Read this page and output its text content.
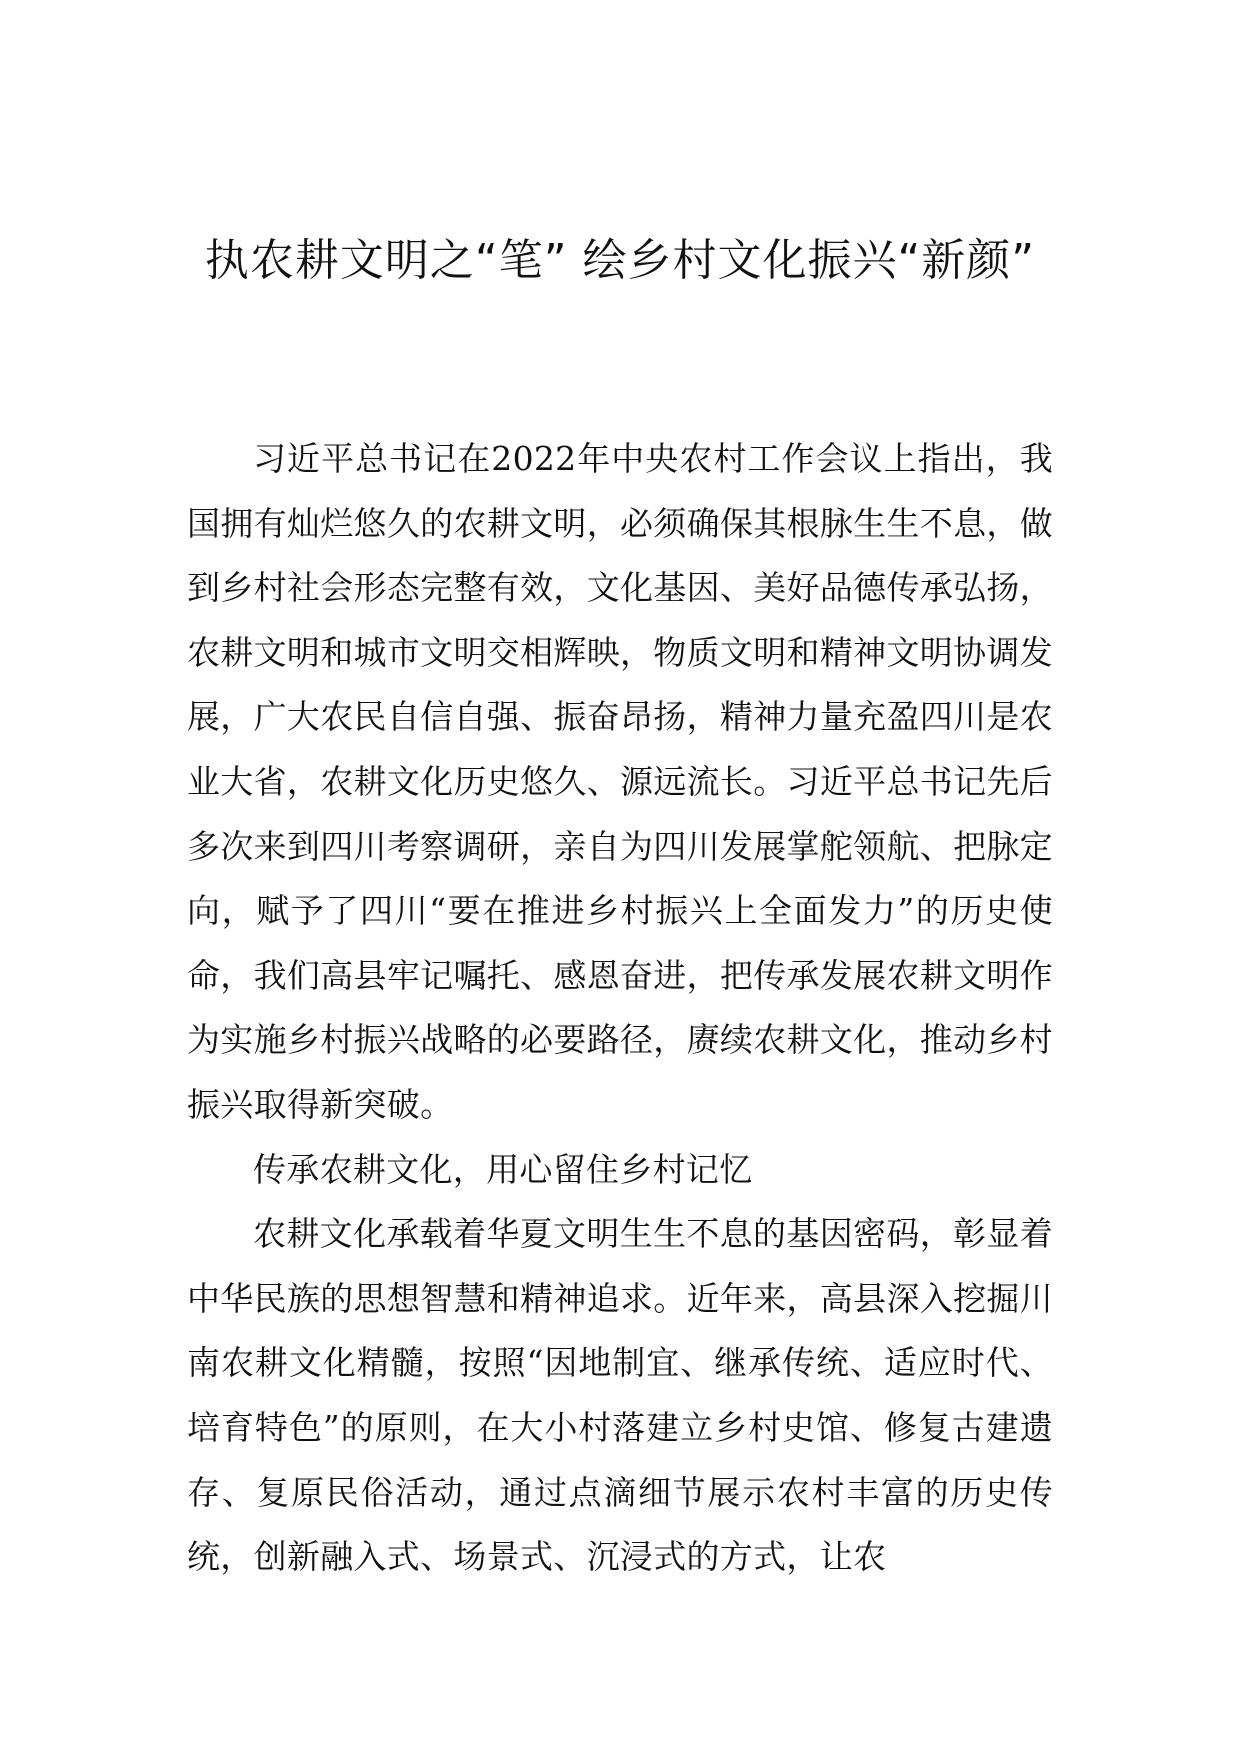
执农耕文明之“笔” 绘乡村文化振兴“新颜”

习近平总书记在2022年中央农村工作会议上指出，我国拥有灿烂悠久的农耕文明，必须确保其根脉生生不息，做到乡村社会形态完整有效，文化基因、美好品德传承弘扬，农耕文明和城市文明交相辉映，物质文明和精神文明协调发展，广大农民自信自强、振奋昂扬，精神力量充盈四川是农业大省，农耕文化历史悠久、源远流长。习近平总书记先后多次来到四川考察调研，亲自为四川发展掌舵领航、把脉定向，赋予了四川“要在推进乡村振兴上全面发力”的历史使命，我们高县牢记嘱托、感恩奋进，把传承发展农耕文明作为实施乡村振兴战略的必要路径，赓续农耕文化，推动乡村振兴取得新突破。

传承农耕文化，用心留住乡村记忆

农耕文化承载着华夏文明生生不息的基因密码，彰显着中华民族的思想智慧和精神追求。近年来，高县深入挖掘川南农耕文化精髓，按照“因地制宜、继承传统、适应时代、培育特色”的原则，在大小村落建立乡村史馆、修复古建遗存、复原民俗活动，通过点滴细节展示农村丰富的历史传统，创新融入式、场景式、沉浸式的方式，让农
